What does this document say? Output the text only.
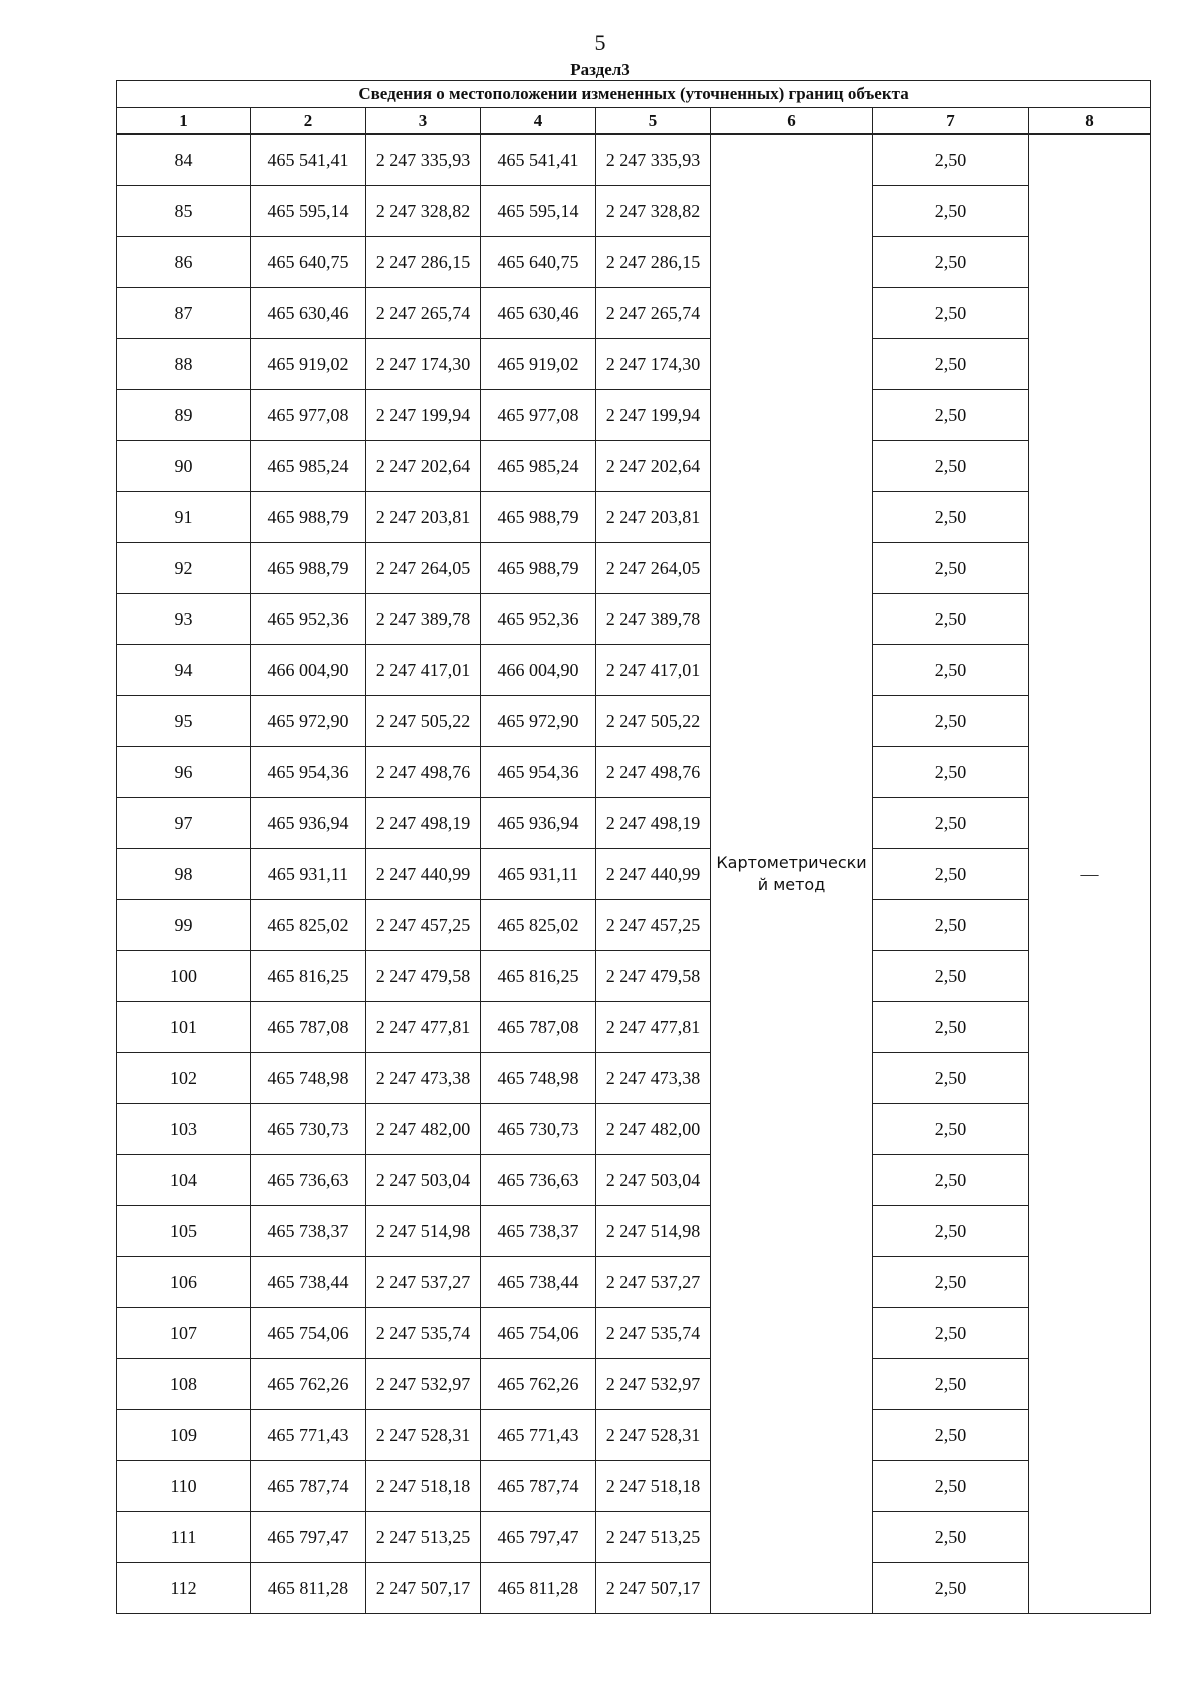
5
Раздел3
Сведения о местоположении измененных (уточненных) границ объекта							
1	2	3	4	5	6	7	8
84	465 541,41	2 247 335,93	465 541,41	2 247 335,93	Картометрический метод	2,50	—
85	465 595,14	2 247 328,82	465 595,14	2 247 328,82		2,50	
86	465 640,75	2 247 286,15	465 640,75	2 247 286,15		2,50	
87	465 630,46	2 247 265,74	465 630,46	2 247 265,74		2,50	
88	465 919,02	2 247 174,30	465 919,02	2 247 174,30		2,50	
89	465 977,08	2 247 199,94	465 977,08	2 247 199,94		2,50	
90	465 985,24	2 247 202,64	465 985,24	2 247 202,64		2,50	
91	465 988,79	2 247 203,81	465 988,79	2 247 203,81		2,50	
92	465 988,79	2 247 264,05	465 988,79	2 247 264,05		2,50	
93	465 952,36	2 247 389,78	465 952,36	2 247 389,78		2,50	
94	466 004,90	2 247 417,01	466 004,90	2 247 417,01		2,50	
95	465 972,90	2 247 505,22	465 972,90	2 247 505,22		2,50	
96	465 954,36	2 247 498,76	465 954,36	2 247 498,76		2,50	
97	465 936,94	2 247 498,19	465 936,94	2 247 498,19		2,50	
98	465 931,11	2 247 440,99	465 931,11	2 247 440,99		2,50	
99	465 825,02	2 247 457,25	465 825,02	2 247 457,25		2,50	
100	465 816,25	2 247 479,58	465 816,25	2 247 479,58		2,50	
101	465 787,08	2 247 477,81	465 787,08	2 247 477,81		2,50	
102	465 748,98	2 247 473,38	465 748,98	2 247 473,38		2,50	
103	465 730,73	2 247 482,00	465 730,73	2 247 482,00		2,50	
104	465 736,63	2 247 503,04	465 736,63	2 247 503,04		2,50	
105	465 738,37	2 247 514,98	465 738,37	2 247 514,98		2,50	
106	465 738,44	2 247 537,27	465 738,44	2 247 537,27		2,50	
107	465 754,06	2 247 535,74	465 754,06	2 247 535,74		2,50	
108	465 762,26	2 247 532,97	465 762,26	2 247 532,97		2,50	
109	465 771,43	2 247 528,31	465 771,43	2 247 528,31		2,50	
110	465 787,74	2 247 518,18	465 787,74	2 247 518,18		2,50	
111	465 797,47	2 247 513,25	465 797,47	2 247 513,25		2,50	
112	465 811,28	2 247 507,17	465 811,28	2 247 507,17		2,50	
